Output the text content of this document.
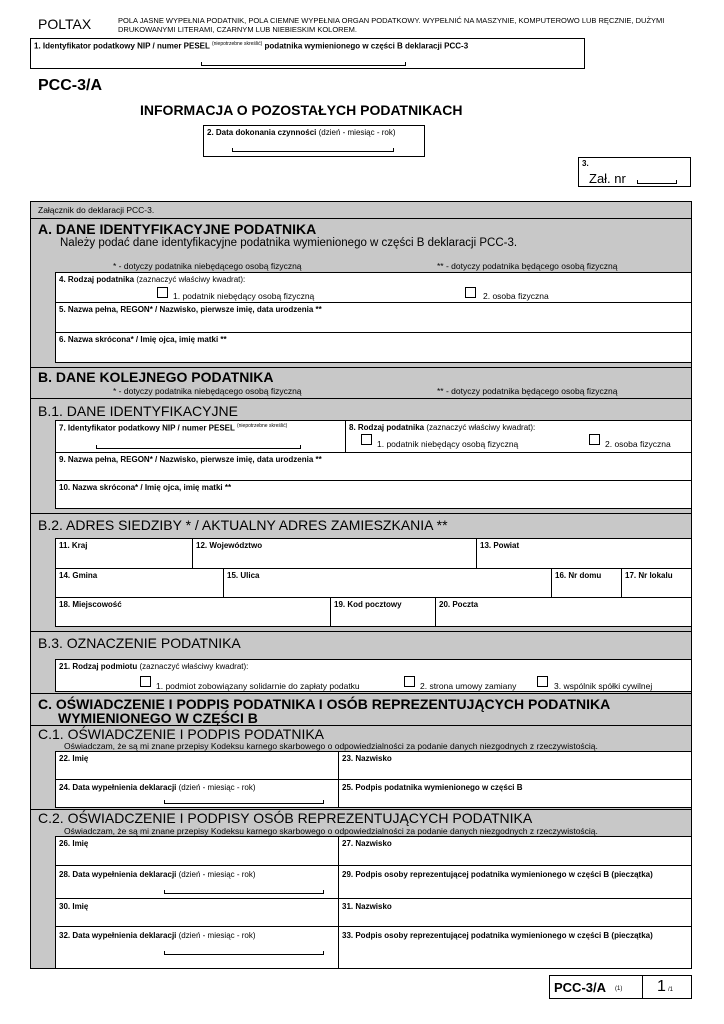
POLTAX	POLA JASNE WYPEŁNIA PODATNIK, POLA CIEMNE WYPEŁNIA ORGAN PODATKOWY. WYPEŁNIĆ NA MASZYNIE, KOMPUTEROWO LUB RĘCZNIE, DUŻYMI DRUKOWANYMI LITERAMI, CZARNYM LUB NIEBIESKIM KOLOREM.
1. Identyfikator podatkowy NIP / numer PESEL $^{(niepotrzebne skreślić)}$ podatnika wymienionego w części B deklaracji PCC-3
PCC-3/A
INFORMACJA O POZOSTAŁYCH PODATNIKACH
2. Data dokonania czynności (dzień - miesiąc - rok)
3.
Zał. nr
Załącznik do deklaracji PCC-3.
A. DANE IDENTYFIKACYJNE PODATNIKA
Należy podać dane identyfikacyjne podatnika wymienionego w części B deklaracji PCC-3.
* - dotyczy podatnika niebędącego osobą fizyczną	** - dotyczy podatnika będącego osobą fizyczną
4. Rodzaj podatnika (zaznaczyć właściwy kwadrat):
1. podatnik niebędący osobą fizyczną	2. osoba fizyczna
5. Nazwa pełna, REGON* / Nazwisko, pierwsze imię, data urodzenia **
6. Nazwa skrócona* / Imię ojca, imię matki **
B. DANE KOLEJNEGO PODATNIKA
* - dotyczy podatnika niebędącego osobą fizyczną	** - dotyczy podatnika będącego osobą fizyczną
B.1. DANE IDENTYFIKACYJNE
7. Identyfikator podatkowy NIP / numer PESEL $^{(niepotrzebne skreślić)}$	8. Rodzaj podatnika (zaznaczyć właściwy kwadrat):
1. podatnik niebędący osobą fizyczną	2. osoba fizyczna
9. Nazwa pełna, REGON* / Nazwisko, pierwsze imię, data urodzenia **
10. Nazwa skrócona* / Imię ojca, imię matki **
B.2. ADRES SIEDZIBY * / AKTUALNY ADRES ZAMIESZKANIA **
11. Kraj	12. Województwo	13. Powiat
14. Gmina	15. Ulica	16. Nr domu	17. Nr lokalu
18. Miejscowość	19. Kod pocztowy	20. Poczta
B.3. OZNACZENIE PODATNIKA
21. Rodzaj podmiotu (zaznaczyć właściwy kwadrat):
1. podmiot zobowiązany solidarnie do zapłaty podatku	2. strona umowy zamiany	3. wspólnik spółki cywilnej
C. OŚWIADCZENIE I PODPIS PODATNIKA I OSÓB REPREZENTUJĄCYCH PODATNIKA
WYMIENIONEGO W CZĘŚCI B
C.1. OŚWIADCZENIE I PODPIS PODATNIKA
Oświadczam, że są mi znane przepisy Kodeksu karnego skarbowego o odpowiedzialności za podanie danych niezgodnych z rzeczywistością.
22. Imię	23. Nazwisko
24. Data wypełnienia deklaracji (dzień - miesiąc - rok)	25. Podpis podatnika wymienionego w części B
C.2. OŚWIADCZENIE I PODPISY OSÓB REPREZENTUJĄCYCH PODATNIKA
Oświadczam, że są mi znane przepisy Kodeksu karnego skarbowego o odpowiedzialności za podanie danych niezgodnych z rzeczywistością.
26. Imię	27. Nazwisko
28. Data wypełnienia deklaracji (dzień - miesiąc - rok)	29. Podpis osoby reprezentującej podatnika wymienionego w części B (pieczątka)
30. Imię	31. Nazwisko
32. Data wypełnienia deklaracji (dzień - miesiąc - rok)	33. Podpis osoby reprezentującej podatnika wymienionego w części B (pieczątka)
PCC-3/A (1) 1 /1
